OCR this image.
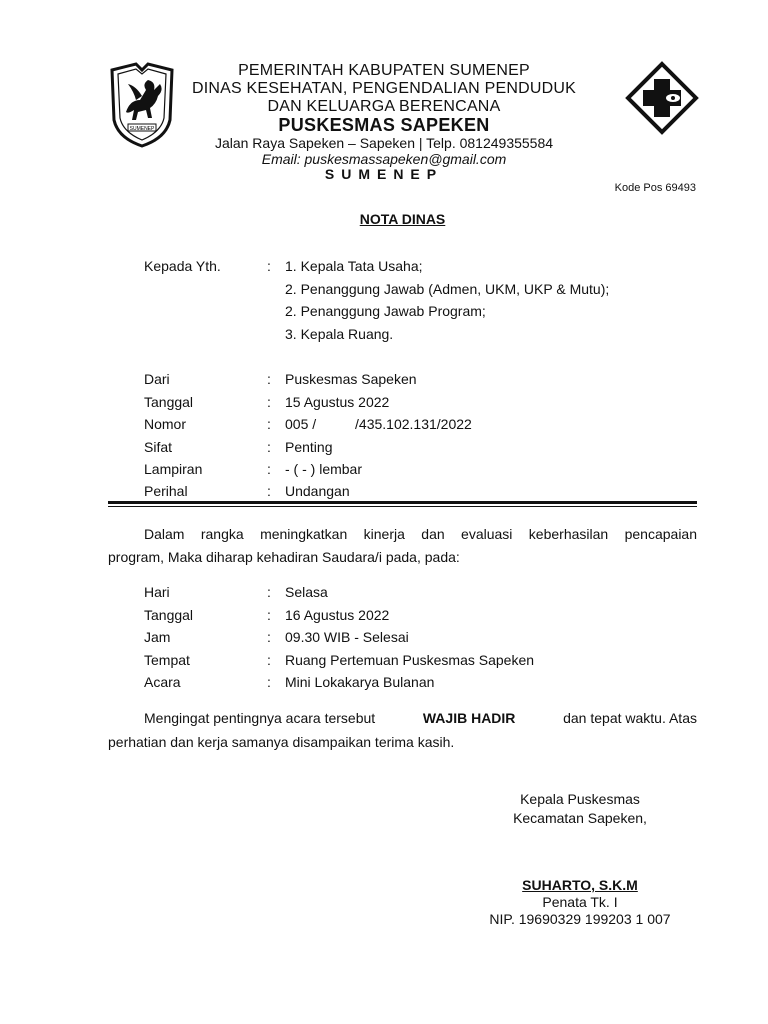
SUMENEP
PEMERINTAH KABUPATEN SUMENEP
DINAS KESEHATAN, PENGENDALIAN PENDUDUK
DAN KELUARGA BERENCANA
PUSKESMAS SAPEKEN
Jalan Raya Sapeken – Sapeken | Telp. 081249355584
Email: puskesmassapeken@gmail.com
SUMENEP
Kode Pos 69493
NOTA DINAS
Kepada Yth.	: 1. Kepala Tata Usaha;
2. Penanggung Jawab (Admen, UKM, UKP & Mutu);
2. Penanggung Jawab Program;
3. Kepala Ruang.
Dari	: Puskesmas Sapeken
Tanggal	: 15 Agustus 2022
Nomor	: 005 /          /435.102.131/2022
Sifat	: Penting
Lampiran	: - ( - ) lembar
Perihal	: Undangan
Dalam rangka meningkatkan kinerja dan evaluasi keberhasilan pencapaian
program, Maka diharap kehadiran Saudara/i pada, pada:
Hari	: Selasa
Tanggal	: 16 Agustus 2022
Jam	: 09.30 WIB - Selesai
Tempat	: Ruang Pertemuan Puskesmas Sapeken
Acara	: Mini Lokakarya Bulanan
Mengingat pentingnya acara tersebut	WAJIB HADIR	dan tepat waktu. Atas
perhatian dan kerja samanya disampaikan terima kasih.
Kepala Puskesmas
Kecamatan Sapeken,
SUHARTO, S.K.M
Penata Tk. I
NIP. 19690329 199203 1 007
